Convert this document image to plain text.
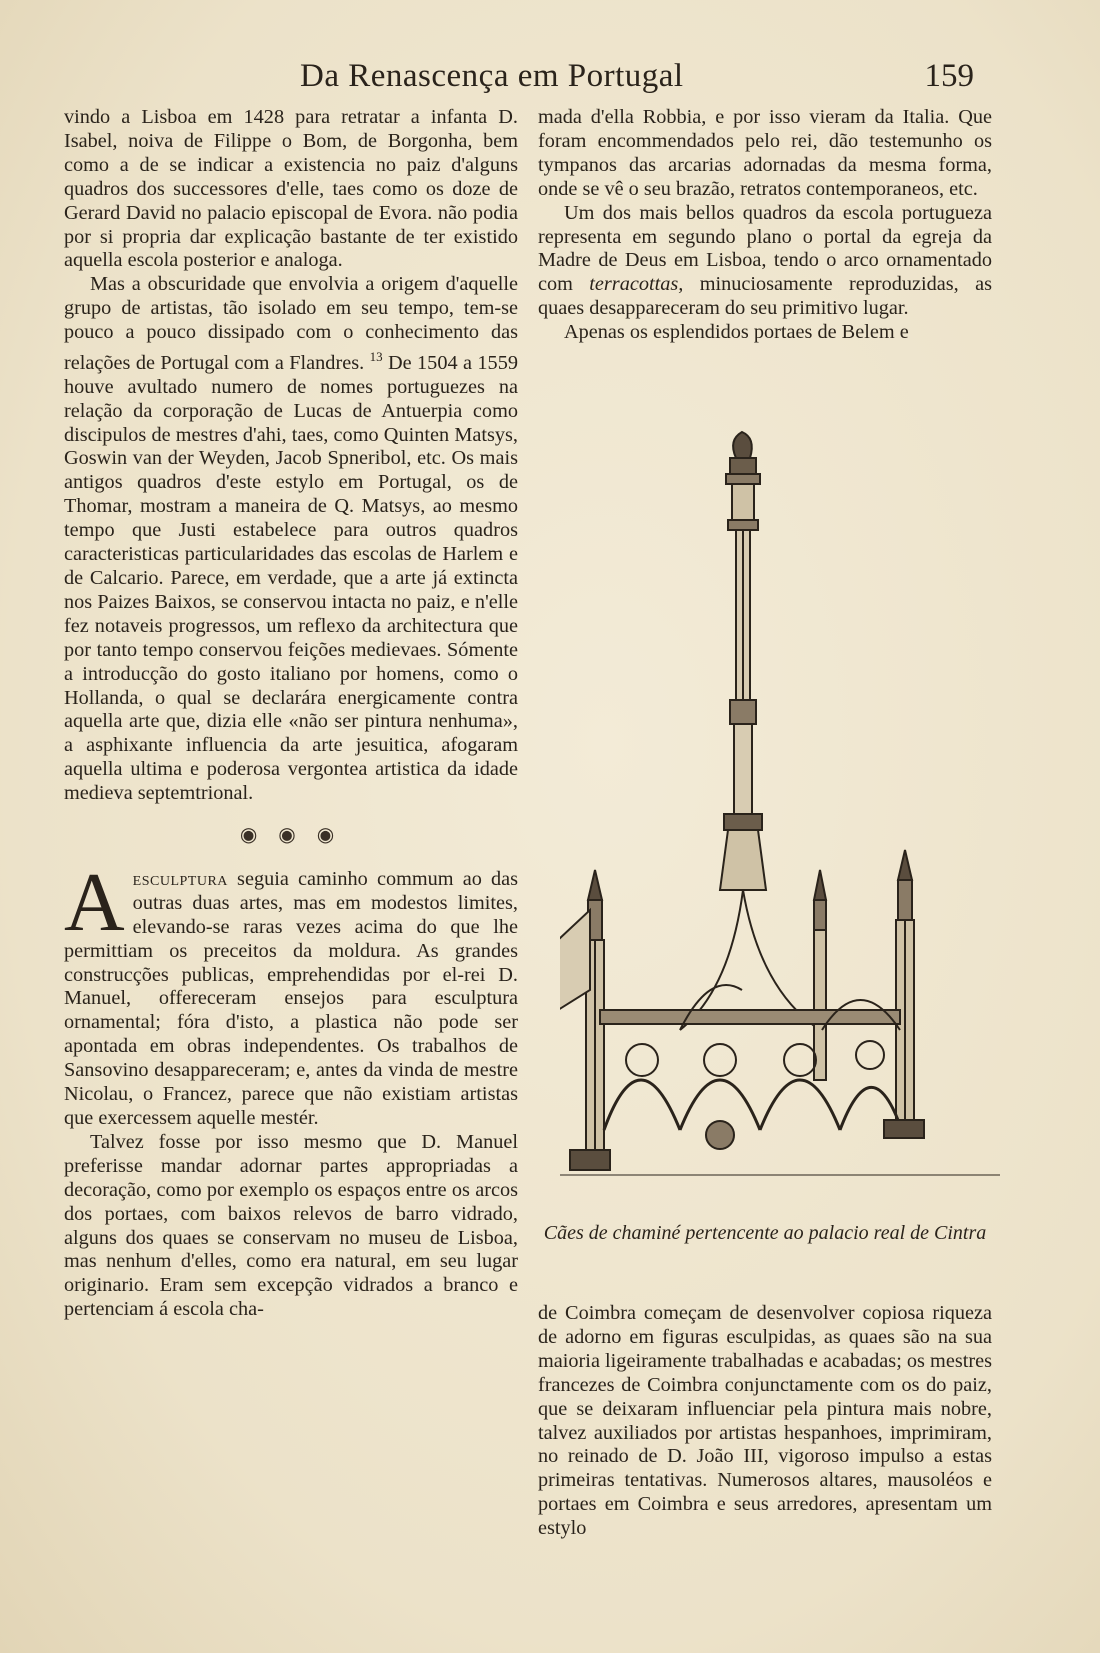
Da Renascença em Portugal	159

vindo a Lisboa em 1428 para retratar a infanta D. Isabel, noiva de Filippe o Bom, de Borgonha, bem como a de se indicar a existencia no paiz d'alguns quadros dos successores d'elle, taes como os doze de Gerard David no palacio episcopal de Evora. não podia por si propria dar explicação bastante de ter existido aquella escola posterior e analoga.

Mas a obscuridade que envolvia a origem d'aquelle grupo de artistas, tão isolado em seu tempo, tem-se pouco a pouco dissipado com o conhecimento das relações de Portugal com a Flandres. $^{13}$ De 1504 a 1559 houve avultado numero de nomes portuguezes na relação da corporação de Lucas de Antuerpia como discipulos de mestres d'ahi, taes, como Quinten Matsys, Goswin van der Weyden, Jacob Spneribol, etc. Os mais antigos quadros d'este estylo em Portugal, os de Thomar, mostram a maneira de Q. Matsys, ao mesmo tempo que Justi estabelece para outros quadros caracteristicas particularidades das escolas de Harlem e de Calcario. Parece, em verdade, que a arte já extincta nos Paizes Baixos, se conservou intacta no paiz, e n'elle fez notaveis progressos, um reflexo da architectura que por tanto tempo conservou feições medievaes. Sómente a introducção do gosto italiano por homens, como o Hollanda, o qual se declarára energicamente contra aquella arte que, dizia elle «não ser pintura nenhuma», a asphixante influencia da arte jesuitica, afogaram aquella ultima e poderosa vergontea artistica da idade medieva septemtrional.

◉ ◉ ◉

A esculptura seguia caminho commum ao das outras duas artes, mas em modestos limites, elevando-se raras vezes acima do que lhe permittiam os preceitos da moldura. As grandes construcções publicas, emprehendidas por el-rei D. Manuel, offereceram ensejos para esculptura ornamental; fóra d'isto, a plastica não pode ser apontada em obras independentes. Os trabalhos de Sansovino desappareceram; e, antes da vinda de mestre Nicolau, o Francez, parece que não existiam artistas que exercessem aquelle mestér.

Talvez fosse por isso mesmo que D. Manuel preferisse mandar adornar partes appropriadas a decoração, como por exemplo os espaços entre os arcos dos portaes, com baixos relevos de barro vidrado, alguns dos quaes se conservam no museu de Lisboa, mas nenhum d'elles, como era natural, em seu lugar originario. Eram sem excepção vidrados a branco e pertenciam á escola cha-

mada d'ella Robbia, e por isso vieram da Italia. Que foram encommendados pelo rei, dão testemunho os tympanos das arcarias adornadas da mesma forma, onde se vê o seu brazão, retratos contemporaneos, etc.

Um dos mais bellos quadros da escola portugueza representa em segundo plano o portal da egreja da Madre de Deus em Lisboa, tendo o arco ornamentado com terracottas, minuciosamente reproduzidas, as quaes desappareceram do seu primitivo lugar.

Apenas os esplendidos portaes de Belem e

Cães de chaminé pertencente ao palacio real de Cintra

de Coimbra começam de desenvolver copiosa riqueza de adorno em figuras esculpidas, as quaes são na sua maioria ligeiramente trabalhadas e acabadas; os mestres francezes de Coimbra conjunctamente com os do paiz, que se deixaram influenciar pela pintura mais nobre, talvez auxiliados por artistas hespanhoes, imprimiram, no reinado de D. João III, vigoroso impulso a estas primeiras tentativas. Numerosos altares, mausoléos e portaes em Coimbra e seus arredores, apresentam um estylo
